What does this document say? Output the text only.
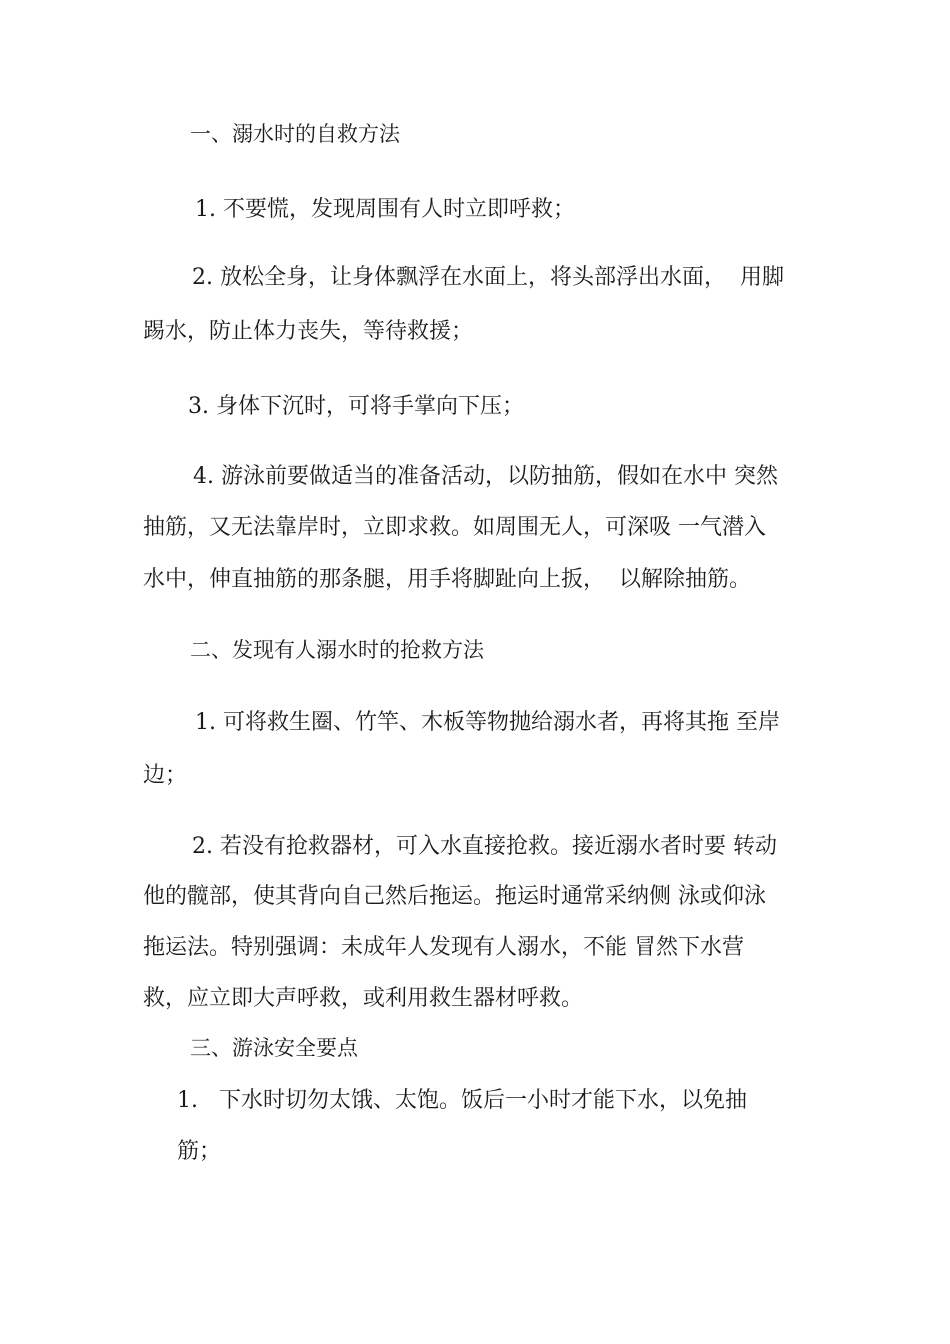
一、溺水时的自救方法
1. 不要慌，发现周围有人时立即呼救；
2. 放松全身，让身体飘浮在水面上，将头部浮出水面，  用脚
踢水，防止体力丧失，等待救援；
3. 身体下沉时，可将手掌向下压；
4. 游泳前要做适当的准备活动，以防抽筋，假如在水中 突然
抽筋，又无法靠岸时，立即求救。如周围无人，可深吸 一气潜入
水中，伸直抽筋的那条腿，用手将脚趾向上扳，  以解除抽筋。
二、发现有人溺水时的抢救方法
1. 可将救生圈、竹竿、木板等物抛给溺水者，再将其拖 至岸
边；
2. 若没有抢救器材，可入水直接抢救。接近溺水者时要 转动
他的髋部，使其背向自己然后拖运。拖运时通常采纳侧 泳或仰泳
拖运法。特别强调：未成年人发现有人溺水，不能 冒然下水营
救，应立即大声呼救，或利用救生器材呼救。
三、游泳安全要点
1.   下水时切勿太饿、太饱。饭后一小时才能下水，以免抽
筋；
